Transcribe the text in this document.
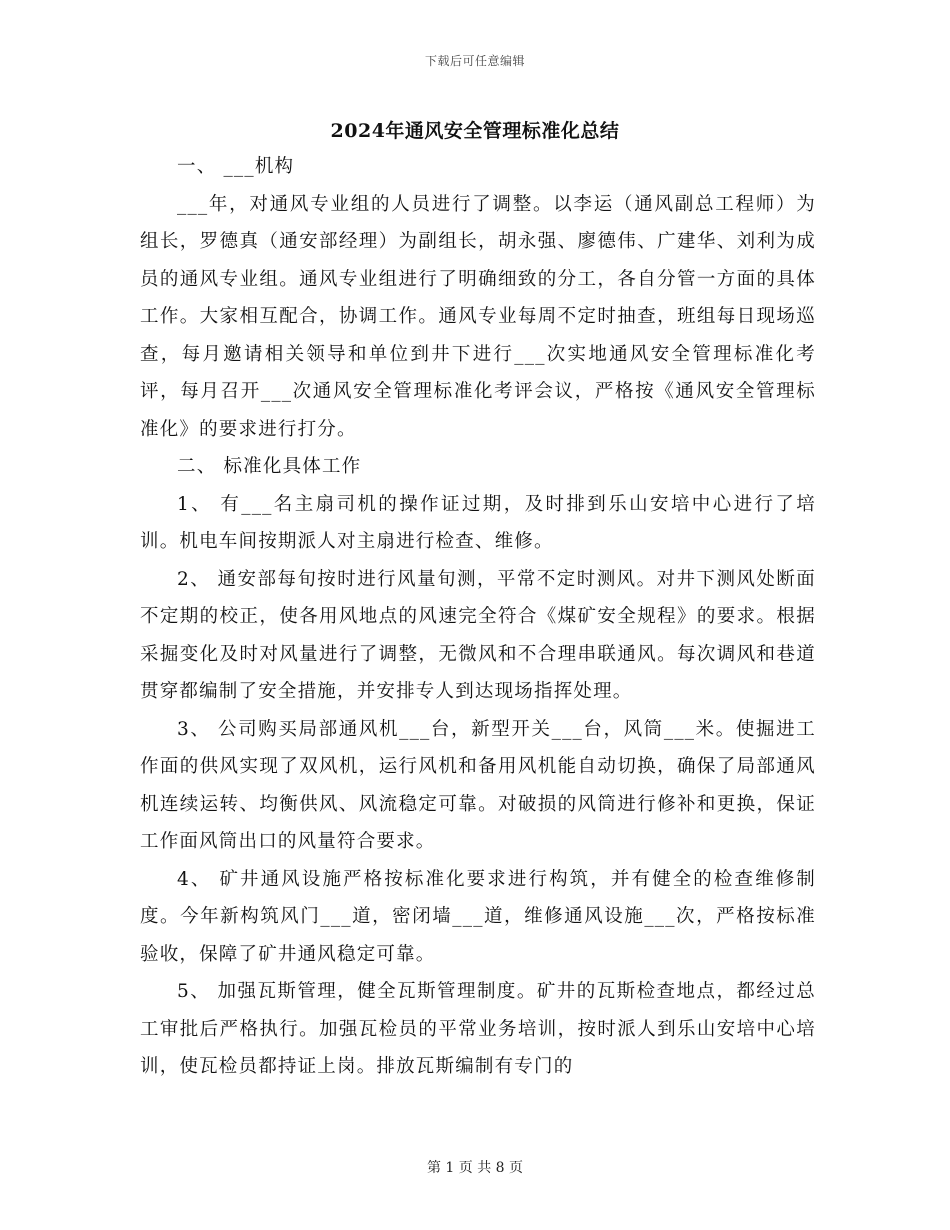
下载后可任意编辑
2024年通风安全管理标准化总结

一、 ___机构

___年，对通风专业组的人员进行了调整。以李运（通风副总工程师）为组长，罗德真（通安部经理）为副组长，胡永强、廖德伟、广建华、刘利为成员的通风专业组。通风专业组进行了明确细致的分工，各自分管一方面的具体工作。大家相互配合，协调工作。通风专业每周不定时抽查，班组每日现场巡查，每月邀请相关领导和单位到井下进行___次实地通风安全管理标准化考评，每月召开___次通风安全管理标准化考评会议，严格按《通风安全管理标准化》的要求进行打分。

二、 标准化具体工作

1、 有___名主扇司机的操作证过期，及时排到乐山安培中心进行了培训。机电车间按期派人对主扇进行检查、维修。

2、 通安部每旬按时进行风量旬测，平常不定时测风。对井下测风处断面不定期的校正，使各用风地点的风速完全符合《煤矿安全规程》的要求。根据采掘变化及时对风量进行了调整，无微风和不合理串联通风。每次调风和巷道贯穿都编制了安全措施，并安排专人到达现场指挥处理。

3、 公司购买局部通风机___台，新型开关___台，风筒___米。使掘进工作面的供风实现了双风机，运行风机和备用风机能自动切换，确保了局部通风机连续运转、均衡供风、风流稳定可靠。对破损的风筒进行修补和更换，保证工作面风筒出口的风量符合要求。

4、 矿井通风设施严格按标准化要求进行构筑，并有健全的检查维修制度。今年新构筑风门___道，密闭墙___道，维修通风设施___次，严格按标准验收，保障了矿井通风稳定可靠。

5、 加强瓦斯管理，健全瓦斯管理制度。矿井的瓦斯检查地点，都经过总工审批后严格执行。加强瓦检员的平常业务培训，按时派人到乐山安培中心培训，使瓦检员都持证上岗。排放瓦斯编制有专门的

第 1 页 共 8 页
